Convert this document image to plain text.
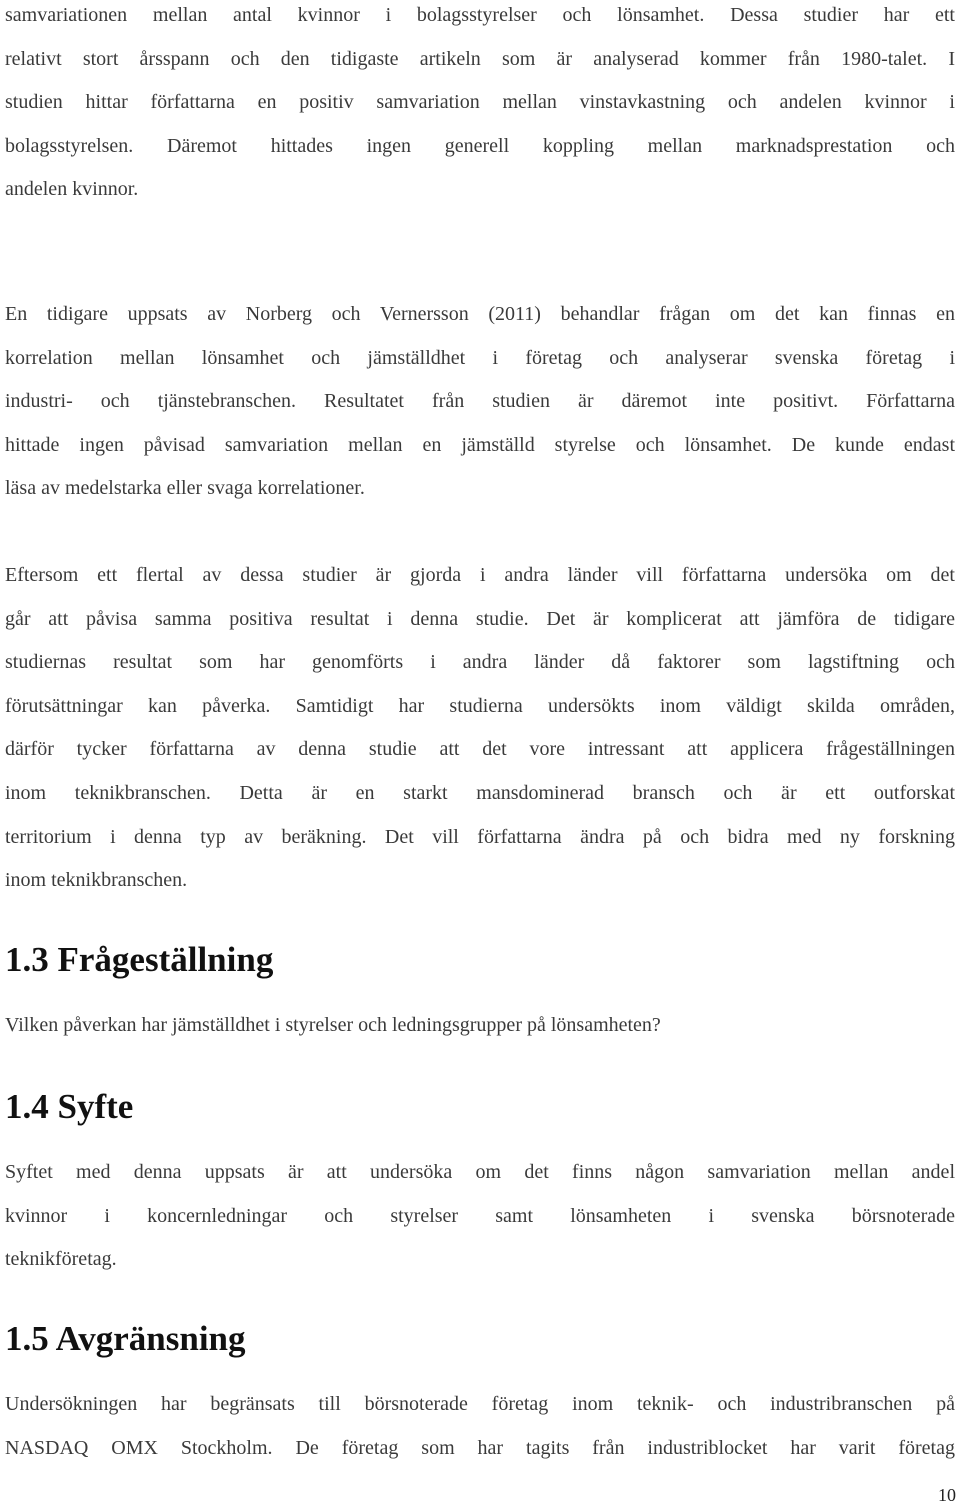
samvariationen mellan antal kvinnor i bolagsstyrelser och lönsamhet. Dessa studier har ett
relativt stort årsspann och den tidigaste artikeln som är analyserad kommer från 1980-talet. I
studien hittar författarna en positiv samvariation mellan vinstavkastning och andelen kvinnor i
bolagsstyrelsen. Däremot hittades ingen generell koppling mellan marknadsprestation och
andelen kvinnor.

En tidigare uppsats av Norberg och Vernersson (2011) behandlar frågan om det kan finnas en
korrelation mellan lönsamhet och jämställdhet i företag och analyserar svenska företag i
industri- och tjänstebranschen. Resultatet från studien är däremot inte positivt. Författarna
hittade ingen påvisad samvariation mellan en jämställd styrelse och lönsamhet. De kunde endast
läsa av medelstarka eller svaga korrelationer.

Eftersom ett flertal av dessa studier är gjorda i andra länder vill författarna undersöka om det
går att påvisa samma positiva resultat i denna studie. Det är komplicerat att jämföra de tidigare
studiernas resultat som har genomförts i andra länder då faktorer som lagstiftning och
förutsättningar kan påverka. Samtidigt har studierna undersökts inom väldigt skilda områden,
därför tycker författarna av denna studie att det vore intressant att applicera frågeställningen
inom teknikbranschen. Detta är en starkt mansdominerad bransch och är ett outforskat
territorium i denna typ av beräkning. Det vill författarna ändra på och bidra med ny forskning
inom teknikbranschen.

1.3 Frågeställning

Vilken påverkan har jämställdhet i styrelser och ledningsgrupper på lönsamheten?

1.4 Syfte

Syftet med denna uppsats är att undersöka om det finns någon samvariation mellan andel
kvinnor i koncernledningar och styrelser samt lönsamheten i svenska börsnoterade
teknikföretag.

1.5 Avgränsning

Undersökningen har begränsats till börsnoterade företag inom teknik- och industribranschen på
NASDAQ OMX Stockholm. De företag som har tagits från industriblocket har varit företag

10
